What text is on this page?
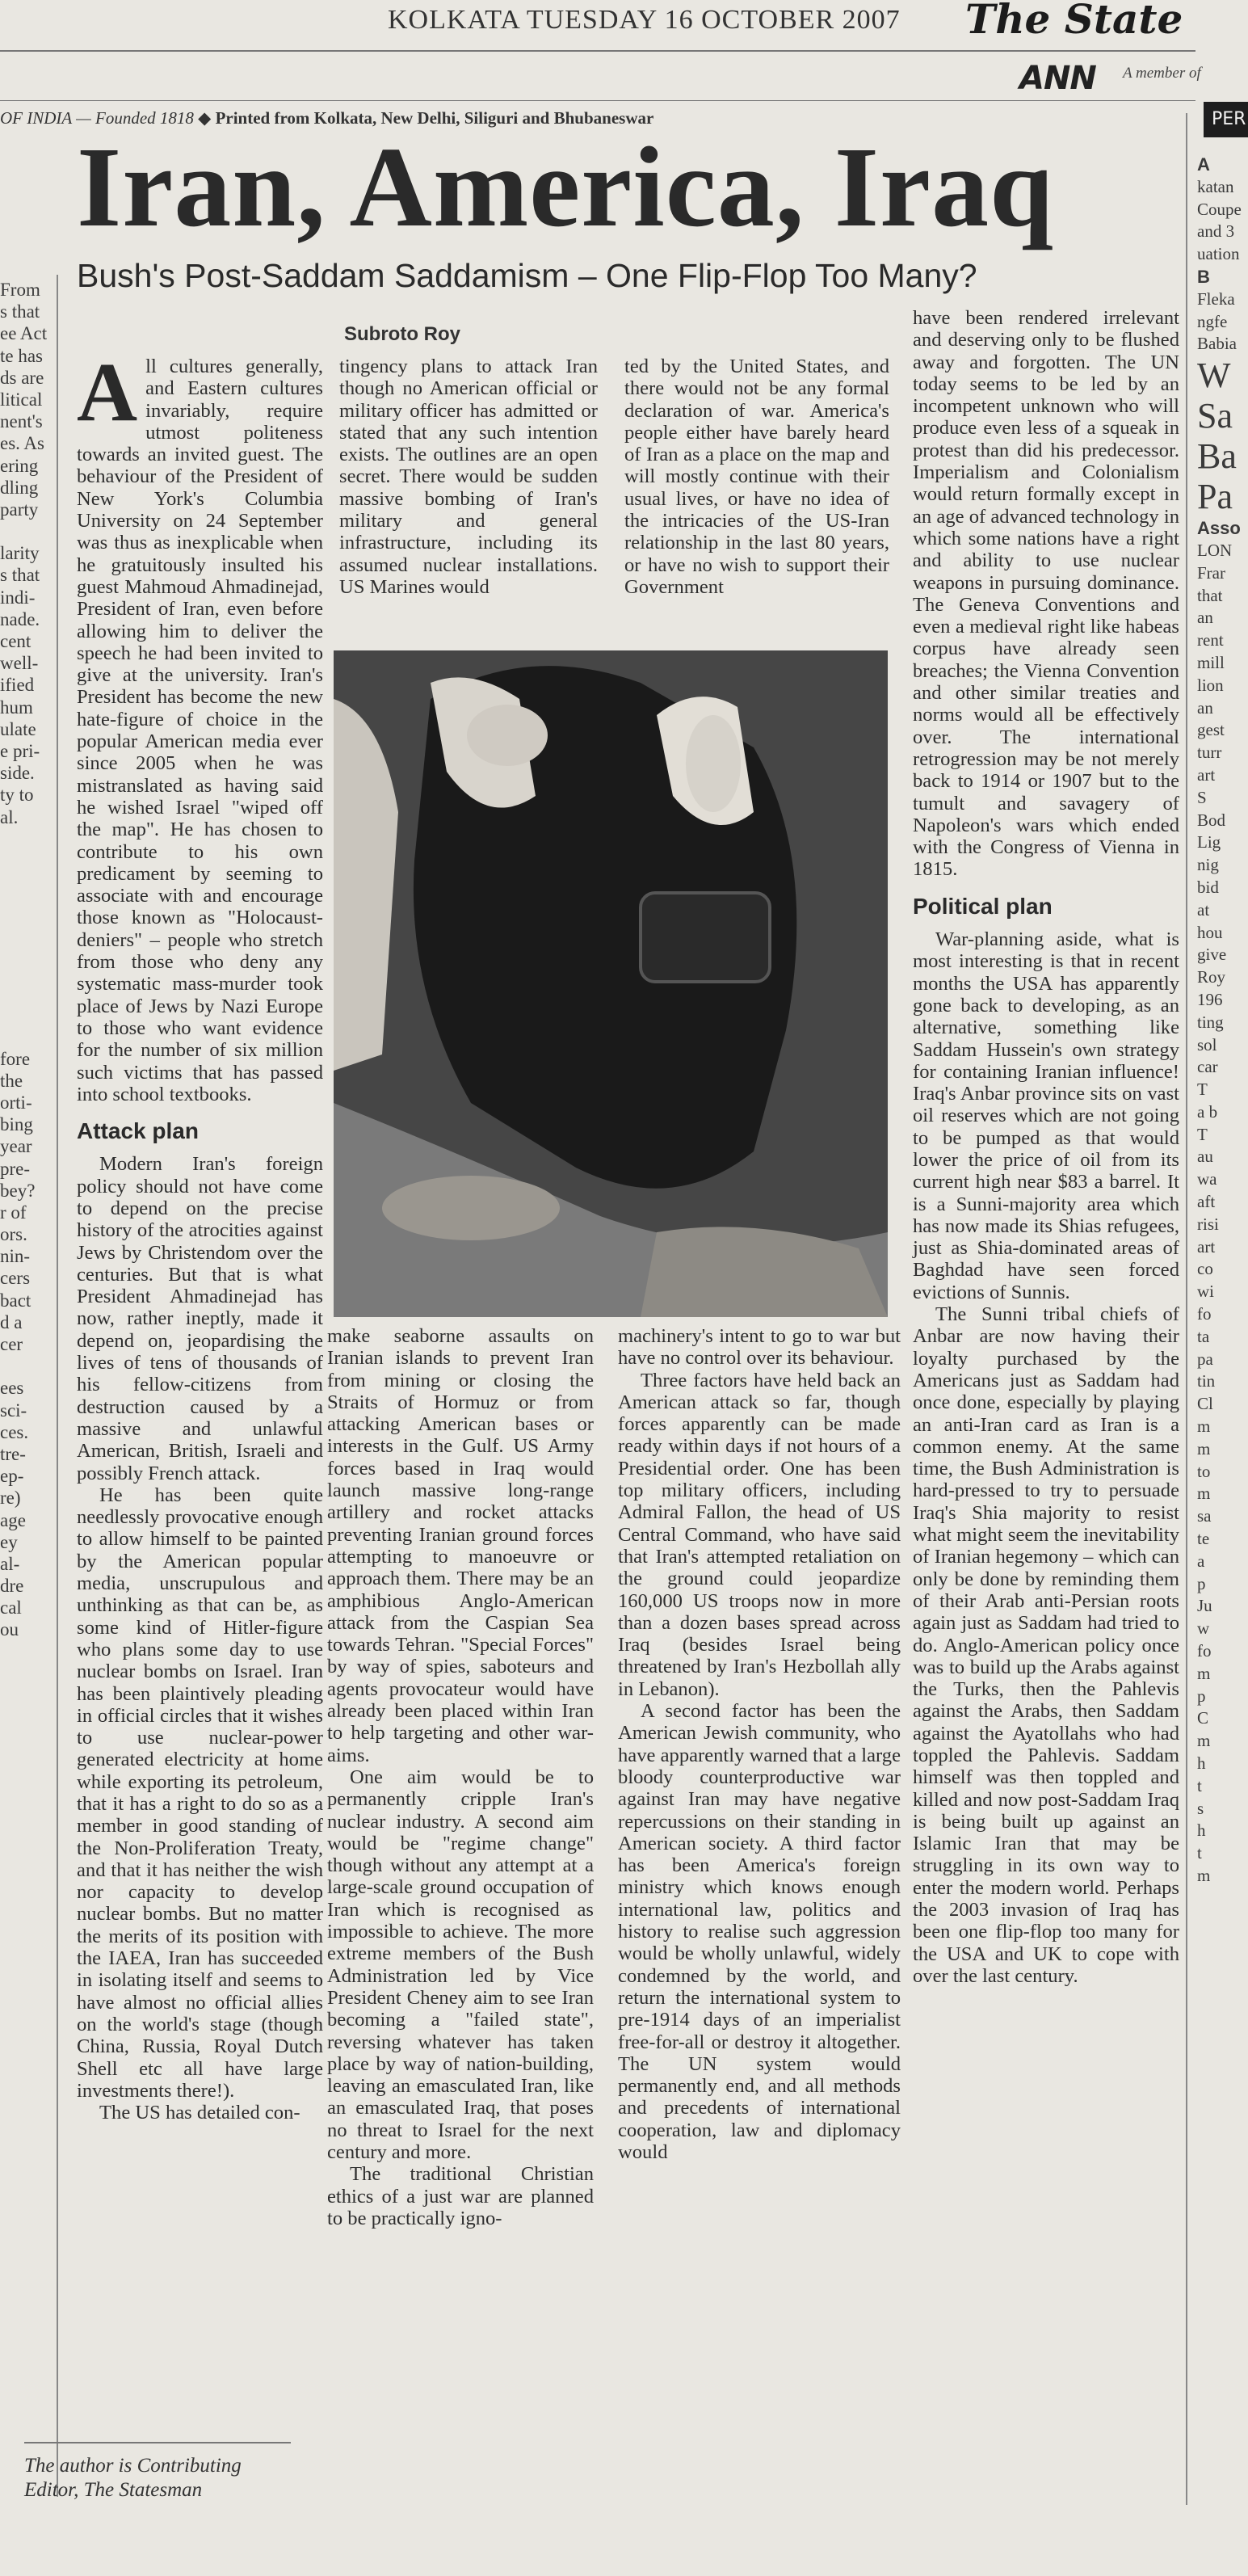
KOLKATA TUESDAY 16 OCTOBER 2007 The State
OF INDIA — Founded 1818 ◆ Printed from Kolkata, New Delhi, Siliguri and Bhubaneswar
ANN A member of
PER
Iran, America, Iraq
Bush's Post-Saddam Saddamism – One Flip-Flop Too Many?
Subroto Roy
From
s that
ee Act
te has
ds are
litical
nent's
es. As
ering
dling
party
larity
s that
indi-
nade.
cent
well-
ified
hum
ulate
e pri-
side.
ty to
al.
fore
the
orti-
bing
year
pre-
bey?
r of
ors.
nin-
cers
bact
d a
cer
ees
sci-
ces.
tre-
ep-
re)
age
ey
al-
dre
cal
ou
A
katan
Coupe
and 3
uation
B
Fleka
ngfe
Babia
W
Sa
Ba
Pa
Asso
LON
Frar
that
an
rent
mill
lion
an
gest
turr
art
S
Bod
Lig
nig
bid
at
hou
give
Roy
196
ting
sol
car
T
a b
T
au
wa
aft
risi
art
co
wi
fo
ta
pa
tin
Cl
m
m
to
m
sa
te
a
p
Ju
w
fo
m
p
C
m
h
t
s
h
t
m

All cultures generally, and Eastern cultures invariably, require utmost politeness towards an invited guest. The behaviour of the President of New York's Columbia University on 24 September was thus as inexplicable when he gratuitously insulted his guest Mahmoud Ahmadinejad, President of Iran, even before allowing him to deliver the speech he had been invited to give at the university. Iran's President has become the new hate-figure of choice in the popular American media ever since 2005 when he was mistranslated as having said he wished Israel "wiped off the map". He has chosen to contribute to his own predicament by seeming to associate with and encourage those known as "Holocaust-deniers" – people who stretch from those who deny any systematic mass-murder took place of Jews by Nazi Europe to those who want evidence for the number of six million such victims that has passed into school textbooks.

Attack plan

Modern Iran's foreign policy should not have come to depend on the precise history of the atrocities against Jews by Christendom over the centuries. But that is what President Ahmadinejad has now, rather ineptly, made it depend on, jeopardising the lives of tens of thousands of his fellow-citizens from destruction caused by a massive and unlawful American, British, Israeli and possibly French attack.

He has been quite needlessly provocative enough to allow himself to be painted by the American popular media, unscrupulous and unthinking as that can be, as some kind of Hitler-figure who plans some day to use nuclear bombs on Israel. Iran has been plaintively pleading in official circles that it wishes to use nuclear-power generated electricity at home while exporting its petroleum, that it has a right to do so as a member in good standing of the Non-Proliferation Treaty, and that it has neither the wish nor capacity to develop nuclear bombs. But no matter the merits of its position with the IAEA, Iran has succeeded in isolating itself and seems to have almost no official allies on the world's stage (though China, Russia, Royal Dutch Shell etc all have large investments there!).

The US has detailed con-

The author is Contributing Editor, The Statesman

tingency plans to attack Iran though no American official or military officer has admitted or stated that any such intention exists. The outlines are an open secret. There would be sudden massive bombing of Iran's military and general infrastructure, including its assumed nuclear installations. US Marines would

ted by the United States, and there would not be any formal declaration of war. America's people either have barely heard of Iran as a place on the map and will mostly continue with their usual lives, or have no idea of the intricacies of the US-Iran relationship in the last 80 years, or have no wish to support their Government

make seaborne assaults on Iranian islands to prevent Iran from mining or closing the Straits of Hormuz or from attacking American bases or interests in the Gulf. US Army forces based in Iraq would launch massive long-range artillery and rocket attacks preventing Iranian ground forces attempting to manoeuvre or approach them. There may be an amphibious Anglo-American attack from the Caspian Sea towards Tehran. "Special Forces" by way of spies, saboteurs and agents provocateur would have already been placed within Iran to help targeting and other war-aims.

One aim would be to permanently cripple Iran's nuclear industry. A second aim would be "regime change" though without any attempt at a large-scale ground occupation of Iran which is recognised as impossible to achieve. The more extreme members of the Bush Administration led by Vice President Cheney aim to see Iran becoming a "failed state", reversing whatever has taken place by way of nation-building, leaving an emasculated Iran, like an emasculated Iraq, that poses no threat to Israel for the next century and more.

The traditional Christian ethics of a just war are planned to be practically igno-

machinery's intent to go to war but have no control over its behaviour.

Three factors have held back an American attack so far, though forces apparently can be made ready within days if not hours of a Presidential order. One has been top military officers, including Admiral Fallon, the head of US Central Command, who have said that Iran's attempted retaliation on the ground could jeopardize 160,000 US troops now in more than a dozen bases spread across Iraq (besides Israel being threatened by Iran's Hezbollah ally in Lebanon).

A second factor has been the American Jewish community, who have apparently warned that a large bloody counterproductive war against Iran may have negative repercussions on their standing in American society. A third factor has been America's foreign ministry which knows enough international law, politics and history to realise such aggression would be wholly unlawful, widely condemned by the world, and return the international system to pre-1914 days of an imperialist free-for-all or destroy it altogether. The UN system would permanently end, and all methods and precedents of international cooperation, law and diplomacy would

have been rendered irrelevant and deserving only to be flushed away and forgotten. The UN today seems to be led by an incompetent unknown who will produce even less of a squeak in protest than did his predecessor. Imperialism and Colonialism would return formally except in an age of advanced technology in which some nations have a right and ability to use nuclear weapons in pursuing dominance. The Geneva Conventions and even a medieval right like habeas corpus have already seen breaches; the Vienna Convention and other similar treaties and norms would all be effectively over. The international retrogression may be not merely back to 1914 or 1907 but to the tumult and savagery of Napoleon's wars which ended with the Congress of Vienna in 1815.

Political plan

War-planning aside, what is most interesting is that in recent months the USA has apparently gone back to developing, as an alternative, something like Saddam Hussein's own strategy for containing Iranian influence! Iraq's Anbar province sits on vast oil reserves which are not going to be pumped as that would lower the price of oil from its current high near $83 a barrel. It is a Sunni-majority area which has now made its Shias refugees, just as Shia-dominated areas of Baghdad have seen forced evictions of Sunnis.

The Sunni tribal chiefs of Anbar are now having their loyalty purchased by the Americans just as Saddam had once done, especially by playing an anti-Iran card as Iran is a common enemy. At the same time, the Bush Administration is hard-pressed to try to persuade Iraq's Shia majority to resist what might seem the inevitability of Iranian hegemony – which can only be done by reminding them of their Arab anti-Persian roots again just as Saddam had tried to do. Anglo-American policy once was to build up the Arabs against the Turks, then the Pahlevis against the Arabs, then Saddam against the Ayatollahs who had toppled the Pahlevis. Saddam himself was then toppled and killed and now post-Saddam Iraq is being built up against an Islamic Iran that may be struggling in its own way to enter the modern world. Perhaps the 2003 invasion of Iraq has been one flip-flop too many for the USA and UK to cope with over the last century.
